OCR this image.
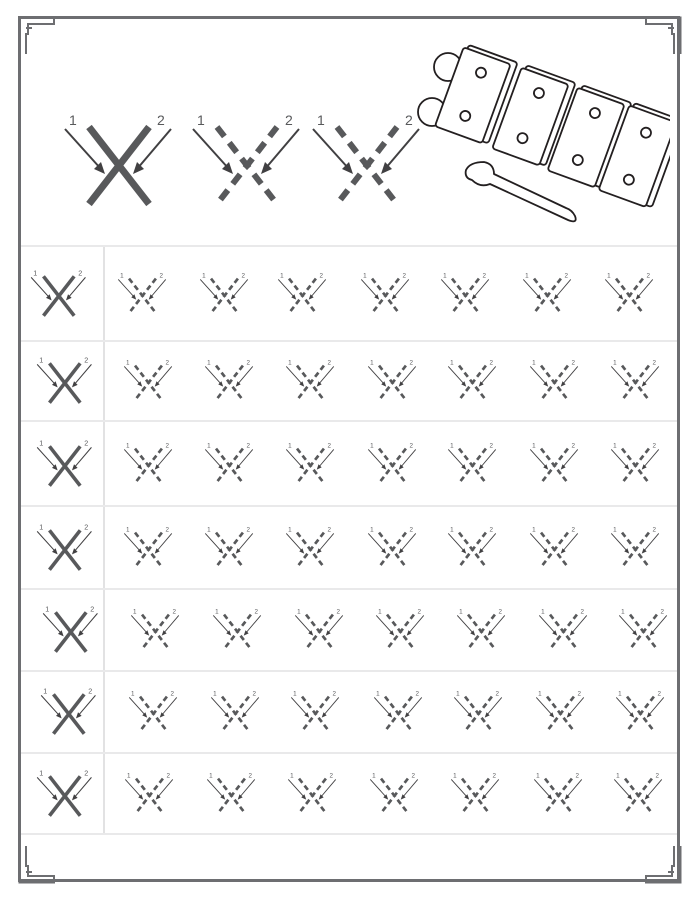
1	2 1	2 1	2
1	2	1	2	1	2	1	2	1	2	1	2	1	2	1	2
1	2	1	2	1	2	1	2	1	2	1	2	1	2	1	2
1	2	1	2	1	2	1	2	1	2	1	2	1	2	1	2
1	2	1	2	1	2	1	2	1	2	1	2	1	2	1	2
1	2	1	2	1	2	1	2	1	2	1	2	1	2	1	2
1	2	1	2	1	2	1	2	1	2	1	2	1	2	1	2
1	2	1	2	1	2	1	2	1	2	1	2	1	2	1	2
